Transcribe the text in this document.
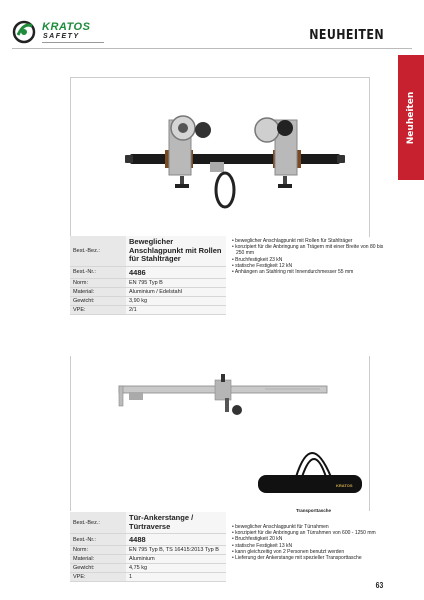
KRATOS
SAFETY	NEUHEITEN
Neuheiten
Best.-Bez.:	Beweglicher Anschlagpunkt mit Rollen für Stahlträger
Best.-Nr.:	4486
Norm:	EN 795 Typ B
Material:	Aluminium / Edelstahl
Gewicht:	3,90 kg
VPE:	2/1
• beweglicher Anschlagpunkt mit Rollen für Stahlträger
• konzipiert für die Anbringung an Trägern mit einer Breite von 80 bis 250 mm
• Bruchfestigkeit 23 kN
• statische Festigkeit 12 kN
• Anhängen an Stahlring mit Innendurchmesser 55 mm
KRATOS
Transporttasche
Best.-Bez.:	Tür-Ankerstange / Türtraverse
Best.-Nr.:	4488
Norm:	EN 795 Typ B, TS 16415:2013 Typ B
Material:	Aluminium
Gewicht:	4,75 kg
VPE:	1
• beweglicher Anschlagpunkt für Türrahmen
• konzipiert für die Anbringung an Türrahmen von 600 - 1250 mm
• Bruchfestigkeit 20 kN
• statische Festigkeit 13 kN
• kann gleichzeitig von 2 Personen benutzt werden
• Lieferung der Ankerstange mit spezieller Transporttasche
63
